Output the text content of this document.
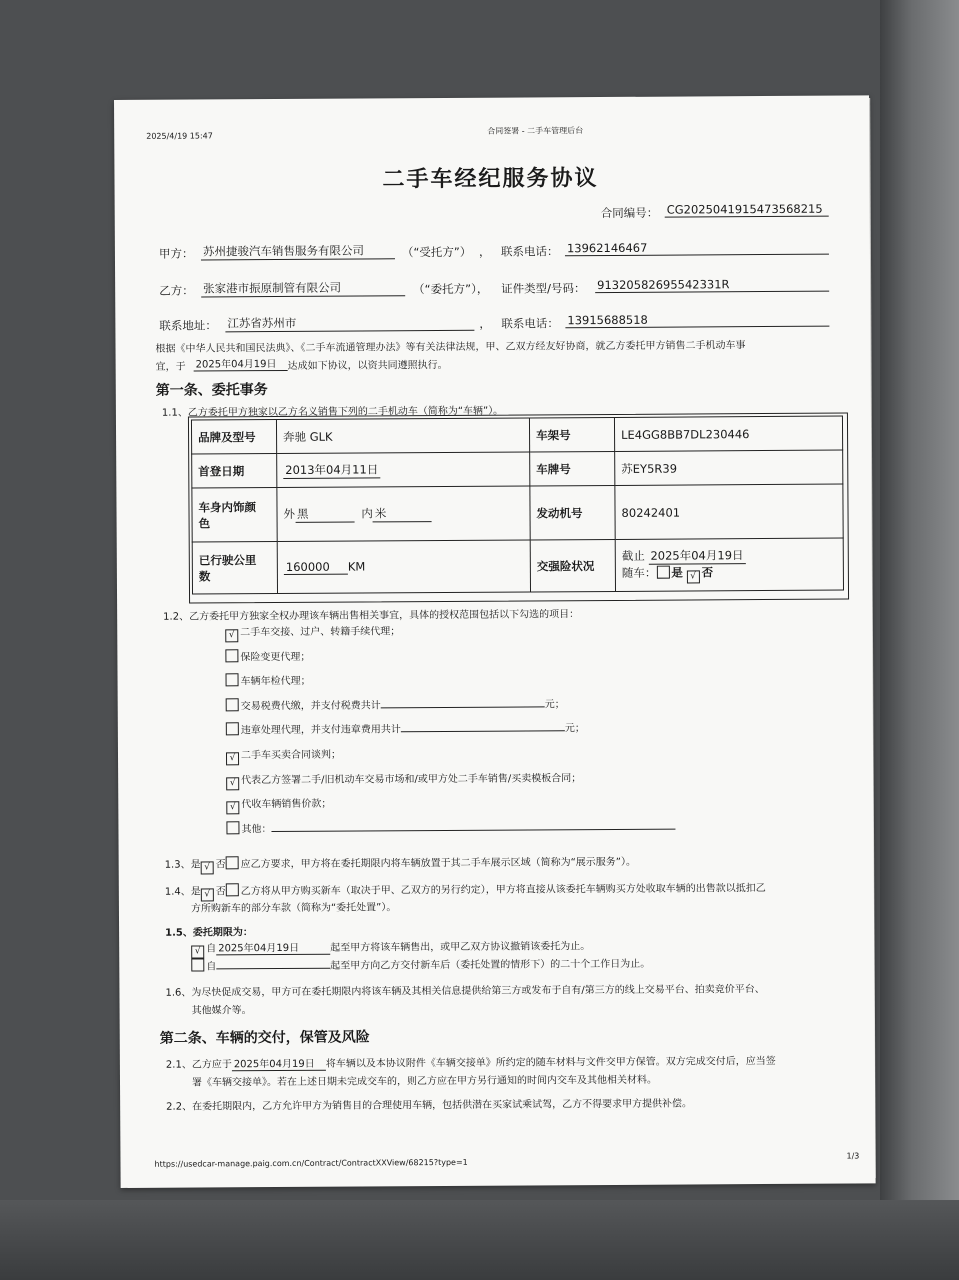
2025/4/19 15:47
合同签署 - 二手车管理后台
二手车经纪服务协议
合同编号： CG2025041915473568215
甲方： 苏州捷骏汽车销售服务有限公司	（“受托方”） ， 联系电话： 13962146467
乙方： 张家港市振原制管有限公司	（“委托方”）， 证件类型/号码： 91320582695542331R
联系地址： 江苏省苏州市	， 联系电话： 13915688518
根据《中华人民共和国民法典》、《二手车流通管理办法》等有关法律法规，甲、乙双方经友好协商，就乙方委托甲方销售二手机动车事
宜，于 2025年04月19日	达成如下协议，以资共同遵照执行。
第一条、委托事务
1.1、乙方委托甲方独家以乙方名义销售下列的二手机动车（简称为“车辆”）。
品牌及型号	奔驰 GLK	车架号	LE4GG8BB7DL230446
首登日期	2013年04月11日	车牌号	苏EY5R39
车身内饰颜
色	外 黑 内 米	发动机号	80242401
已行驶公里
数	160000 KM	交强险状况	截止 2025年04月19日
随车： 是 √ 否
1.2、乙方委托甲方独家全权办理该车辆出售相关事宜，具体的授权范围包括以下勾选的项目：
1.3、是 √ 否 应乙方要求，甲方将在委托期限内将车辆放置于其二手车展示区域（简称为“展示服务”）。
1.4、是 √ 否 乙方将从甲方购买新车（取决于甲、乙双方的另行约定），甲方将直接从该委托车辆购买方处收取车辆的出售款以抵扣乙
方所购新车的部分车款（简称为“委托处置”）。
1.5、委托期限为：
√ 自 2025年04月19日	起至甲方将该车辆售出，或甲乙双方协议撤销该委托为止。
自	起至甲方向乙方交付新车后（委托处置的情形下）的二十个工作日为止。
1.6、为尽快促成交易，甲方可在委托期限内将该车辆及其相关信息提供给第三方或发布于自有/第三方的线上交易平台、拍卖竞价平台、
其他媒介等。
第二条、车辆的交付，保管及风险
2.1、乙方应于 2025年04月19日 将车辆以及本协议附件《车辆交接单》所约定的随车材料与文件交甲方保管。双方完成交付后，应当签
署《车辆交接单》。若在上述日期未完成交车的，则乙方应在甲方另行通知的时间内交车及其他相关材料。
2.2、在委托期限内，乙方允许甲方为销售目的合理使用车辆，包括供潜在买家试乘试驾，乙方不得要求甲方提供补偿。
https://usedcar-manage.paig.com.cn/Contract/ContractXXView/68215?type=1
1/3
√ 二手车交接、过户、转籍手续代理；
保险变更代理；
车辆年检代理；
交易税费代缴，并支付税费共计	元；
违章处理代理，并支付违章费用共计	元；
√ 二手车买卖合同谈判；
√ 代表乙方签署二手/旧机动车交易市场和/或甲方处二手车销售/买卖模板合同；
√ 代收车辆销售价款；
其他：
